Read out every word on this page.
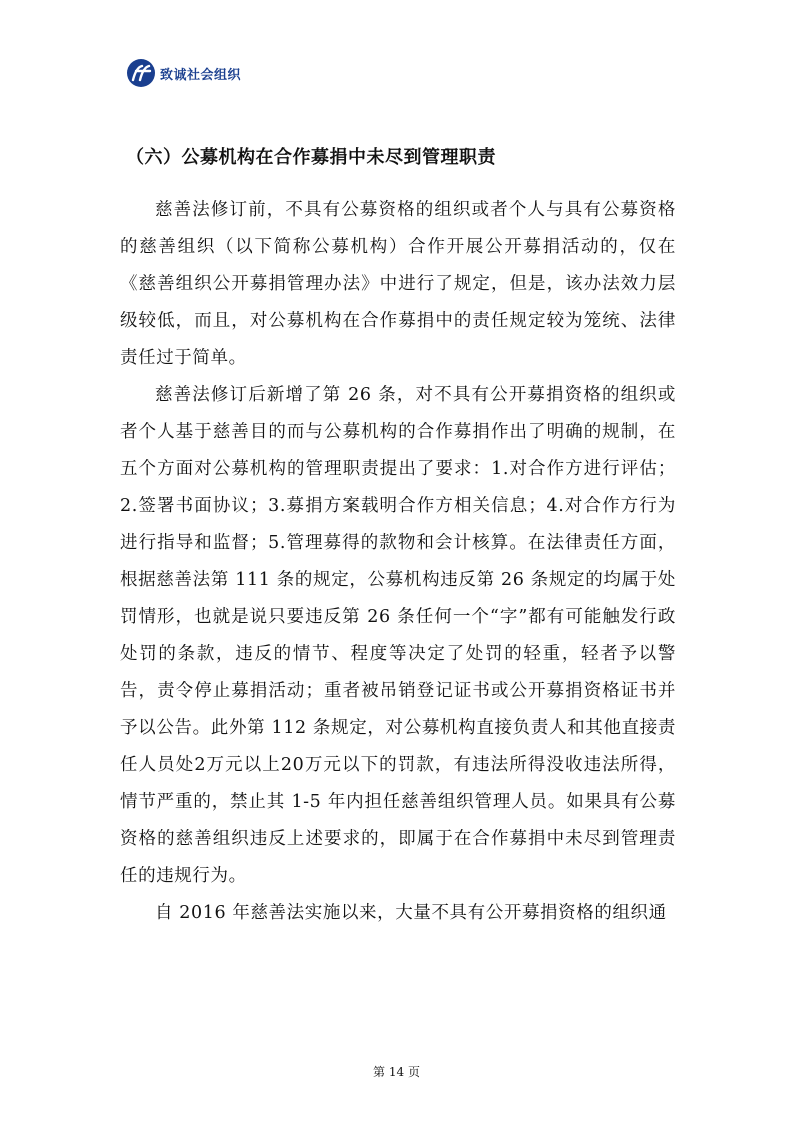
致诚社会组织
（六）公募机构在合作募捐中未尽到管理职责

慈善法修订前，不具有公募资格的组织或者个人与具有公募资格的慈善组织（以下简称公募机构）合作开展公开募捐活动的，仅在《慈善组织公开募捐管理办法》中进行了规定，但是，该办法效力层级较低，而且，对公募机构在合作募捐中的责任规定较为笼统、法律责任过于简单。

慈善法修订后新增了第 26 条，对不具有公开募捐资格的组织或者个人基于慈善目的而与公募机构的合作募捐作出了明确的规制，在五个方面对公募机构的管理职责提出了要求：1.对合作方进行评估；2.签署书面协议；3.募捐方案载明合作方相关信息；4.对合作方行为进行指导和监督；5.管理募得的款物和会计核算。在法律责任方面，根据慈善法第 111 条的规定，公募机构违反第 26 条规定的均属于处罚情形，也就是说只要违反第 26 条任何一个“字”都有可能触发行政处罚的条款，违反的情节、程度等决定了处罚的轻重，轻者予以警告，责令停止募捐活动；重者被吊销登记证书或公开募捐资格证书并予以公告。此外第 112 条规定，对公募机构直接负责人和其他直接责任人员处2万元以上20万元以下的罚款，有违法所得没收违法所得，情节严重的，禁止其 1-5 年内担任慈善组织管理人员。如果具有公募资格的慈善组织违反上述要求的，即属于在合作募捐中未尽到管理责任的违规行为。

自 2016 年慈善法实施以来，大量不具有公开募捐资格的组织通

第 14 页
